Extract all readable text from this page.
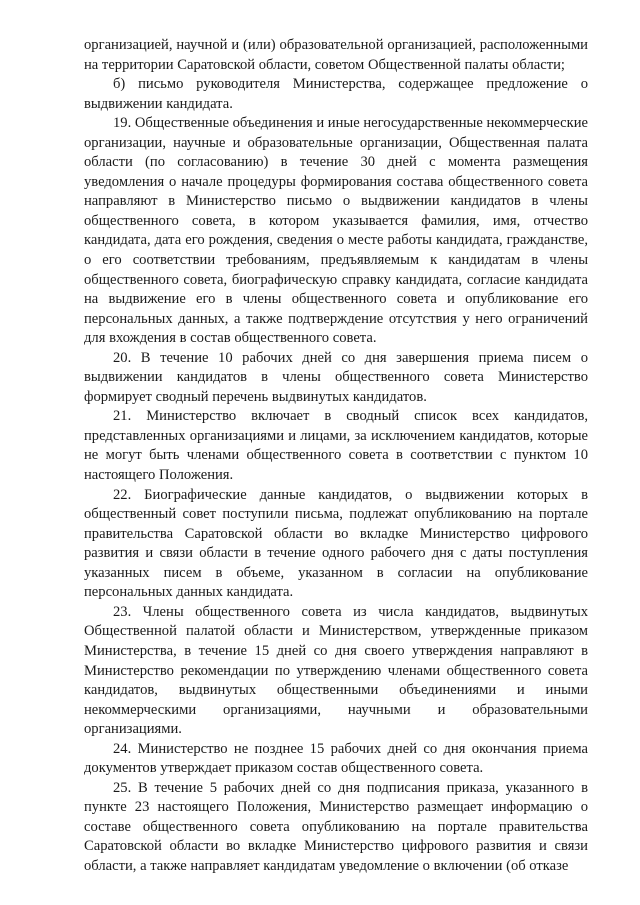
организацией, научной и (или) образовательной организацией, расположенными на территории Саратовской области, советом Общественной палаты области;

б) письмо руководителя Министерства, содержащее предложение о выдвижении кандидата.

19. Общественные объединения и иные негосударственные некоммерческие организации, научные и образовательные организации, Общественная палата области (по согласованию) в течение 30 дней с момента размещения уведомления о начале процедуры формирования состава общественного совета направляют в Министерство письмо о выдвижении кандидатов в члены общественного совета, в котором указывается фамилия, имя, отчество кандидата, дата его рождения, сведения о месте работы кандидата, гражданстве, о его соответствии требованиям, предъявляемым к кандидатам в члены общественного совета, биографическую справку кандидата, согласие кандидата на выдвижение его в члены общественного совета и опубликование его персональных данных, а также подтверждение отсутствия у него ограничений для вхождения в состав общественного совета.

20. В течение 10 рабочих дней со дня завершения приема писем о выдвижении кандидатов в члены общественного совета Министерство формирует сводный перечень выдвинутых кандидатов.

21. Министерство включает в сводный список всех кандидатов, представленных организациями и лицами, за исключением кандидатов, которые не могут быть членами общественного совета в соответствии с пунктом 10 настоящего Положения.

22. Биографические данные кандидатов, о выдвижении которых в общественный совет поступили письма, подлежат опубликованию на портале правительства Саратовской области во вкладке Министерство цифрового развития и связи области в течение одного рабочего дня с даты поступления указанных писем в объеме, указанном в согласии на опубликование персональных данных кандидата.

23. Члены общественного совета из числа кандидатов, выдвинутых Общественной палатой области и Министерством, утвержденные приказом Министерства, в течение 15 дней со дня своего утверждения направляют в Министерство рекомендации по утверждению членами общественного совета кандидатов, выдвинутых общественными объединениями и иными некоммерческими организациями, научными и образовательными организациями.

24. Министерство не позднее 15 рабочих дней со дня окончания приема документов утверждает приказом состав общественного совета.

25. В течение 5 рабочих дней со дня подписания приказа, указанного в пункте 23 настоящего Положения, Министерство размещает информацию о составе общественного совета опубликованию на портале правительства Саратовской области во вкладке Министерство цифрового развития и связи области, а также направляет кандидатам уведомление о включении (об отказе
